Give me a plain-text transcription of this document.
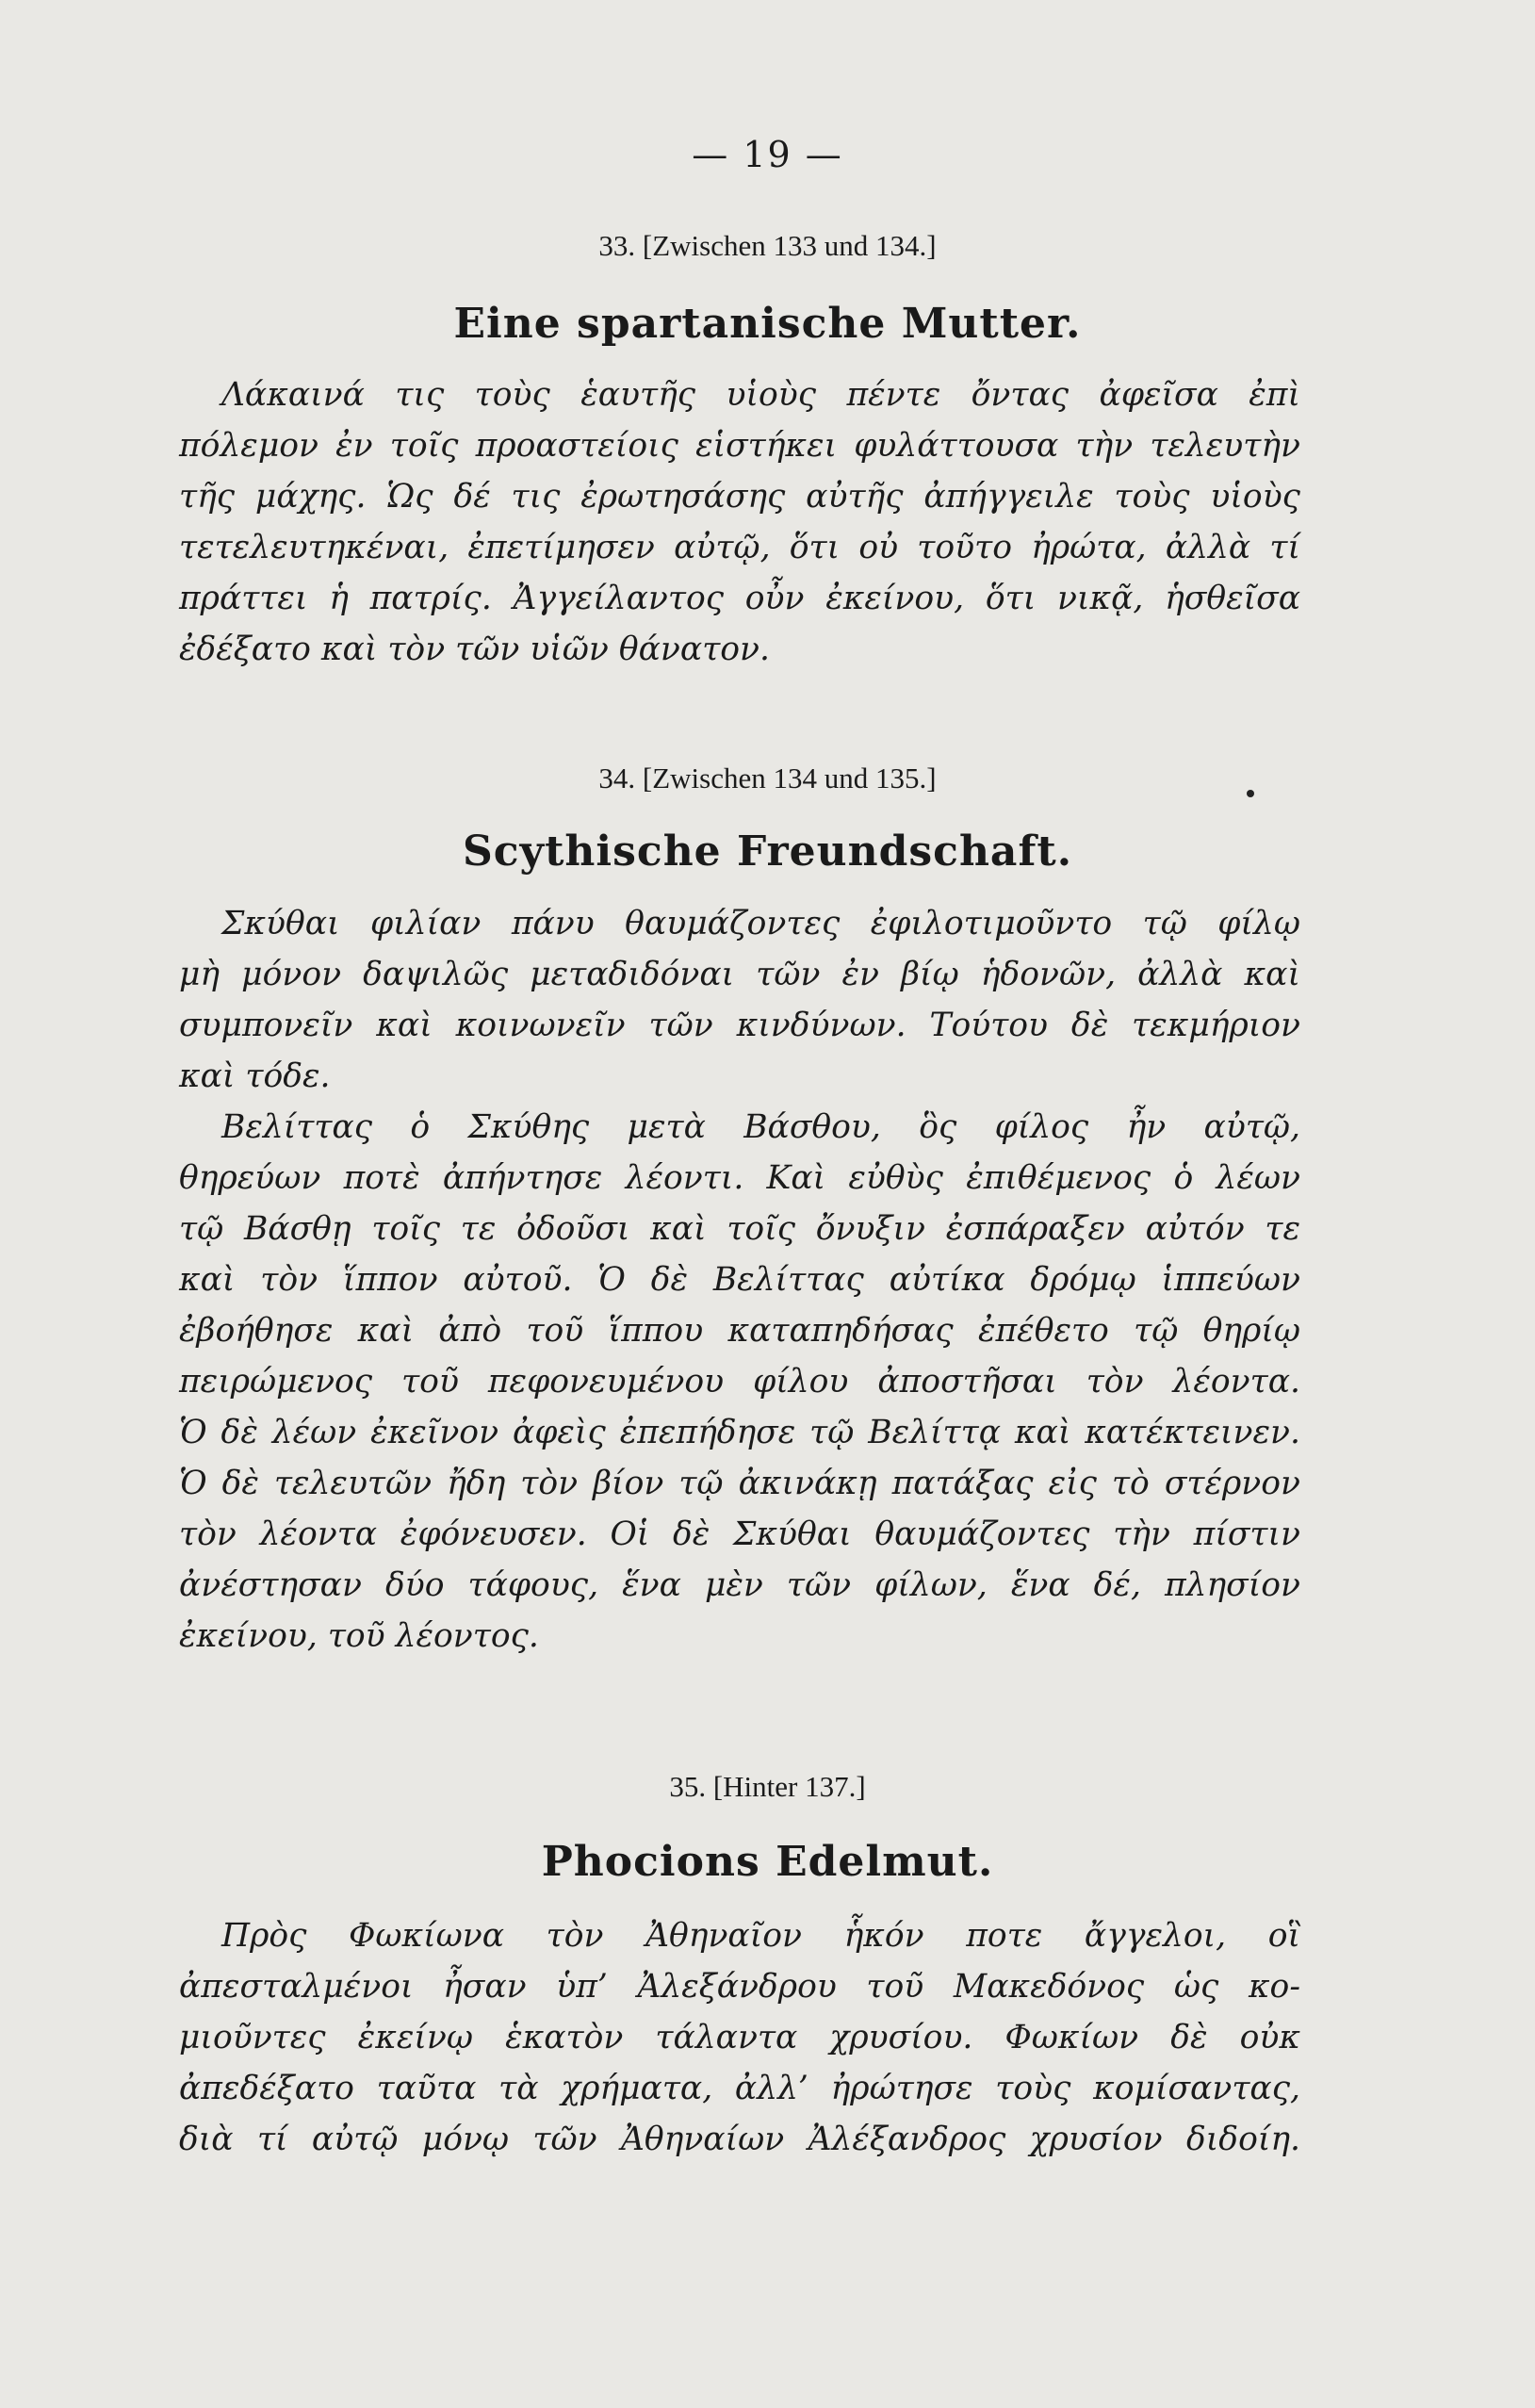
— 19 —
33. [Zwischen 133 und 134.]
Eine spartanische Mutter.
Λάκαινά τις τοὺς ἑαυτῆς υἱοὺς πέντε ὄντας ἀφεῖσα ἐπὶ
πόλεμον ἐν τοῖς προαστείοις εἱστήκει φυλάττουσα τὴν τελευτὴν
τῆς μάχης. Ὡς δέ τις ἐρωτησάσης αὐτῆς ἀπήγγειλε τοὺς υἱοὺς
τετελευτηκέναι, ἐπετίμησεν αὐτῷ, ὅτι οὐ τοῦτο ἠρώτα, ἀλλὰ τί
πράττει ἡ πατρίς. Ἀγγείλαντος οὖν ἐκείνου, ὅτι νικᾷ, ἡσθεῖσα
ἐδέξατο καὶ τὸν τῶν υἱῶν θάνατον.
34. [Zwischen 134 und 135.]
Scythische Freundschaft.
Σκύθαι φιλίαν πάνυ θαυμάζοντες ἐφιλοτιμοῦντο τῷ φίλῳ
μὴ μόνον δαψιλῶς μεταδιδόναι τῶν ἐν βίῳ ἡδονῶν, ἀλλὰ καὶ
συμπονεῖν καὶ κοινωνεῖν τῶν κινδύνων. Τούτου δὲ τεκμήριον
καὶ τόδε.
Βελίττας ὁ Σκύθης μετὰ Βάσθου, ὃς φίλος ἦν αὐτῷ,
θηρεύων ποτὲ ἀπήντησε λέοντι. Καὶ εὐθὺς ἐπιθέμενος ὁ λέων
τῷ Βάσθῃ τοῖς τε ὀδοῦσι καὶ τοῖς ὄνυξιν ἐσπάραξεν αὐτόν τε
καὶ τὸν ἵππον αὐτοῦ. Ὁ δὲ Βελίττας αὐτίκα δρόμῳ ἱππεύων
ἐβοήθησε καὶ ἀπὸ τοῦ ἵππου καταπηδήσας ἐπέθετο τῷ θηρίῳ
πειρώμενος τοῦ πεφονευμένου φίλου ἀποστῆσαι τὸν λέοντα.
Ὁ δὲ λέων ἐκεῖνον ἀφεὶς ἐπεπήδησε τῷ Βελίττᾳ καὶ κατέκτεινεν.
Ὁ δὲ τελευτῶν ἤδη τὸν βίον τῷ ἀκινάκῃ πατάξας εἰς τὸ στέρνον
τὸν λέοντα ἐφόνευσεν. Οἱ δὲ Σκύθαι θαυμάζοντες τὴν πίστιν
ἀνέστησαν δύο τάφους, ἕνα μὲν τῶν φίλων, ἕνα δέ, πλησίον
ἐκείνου, τοῦ λέοντος.
35. [Hinter 137.]
Phocions Edelmut.
Πρὸς Φωκίωνα τὸν Ἀθηναῖον ἧκόν ποτε ἄγγελοι, οἳ
ἀπεσταλμένοι ἦσαν ὑπ’ Ἀλεξάνδρου τοῦ Μακεδόνος ὡς κο-
μιοῦντες ἐκείνῳ ἑκατὸν τάλαντα χρυσίου. Φωκίων δὲ οὐκ
ἀπεδέξατο ταῦτα τὰ χρήματα, ἀλλ’ ἠρώτησε τοὺς κομίσαντας,
διὰ τί αὐτῷ μόνῳ τῶν Ἀθηναίων Ἀλέξανδρος χρυσίον διδοίη.
